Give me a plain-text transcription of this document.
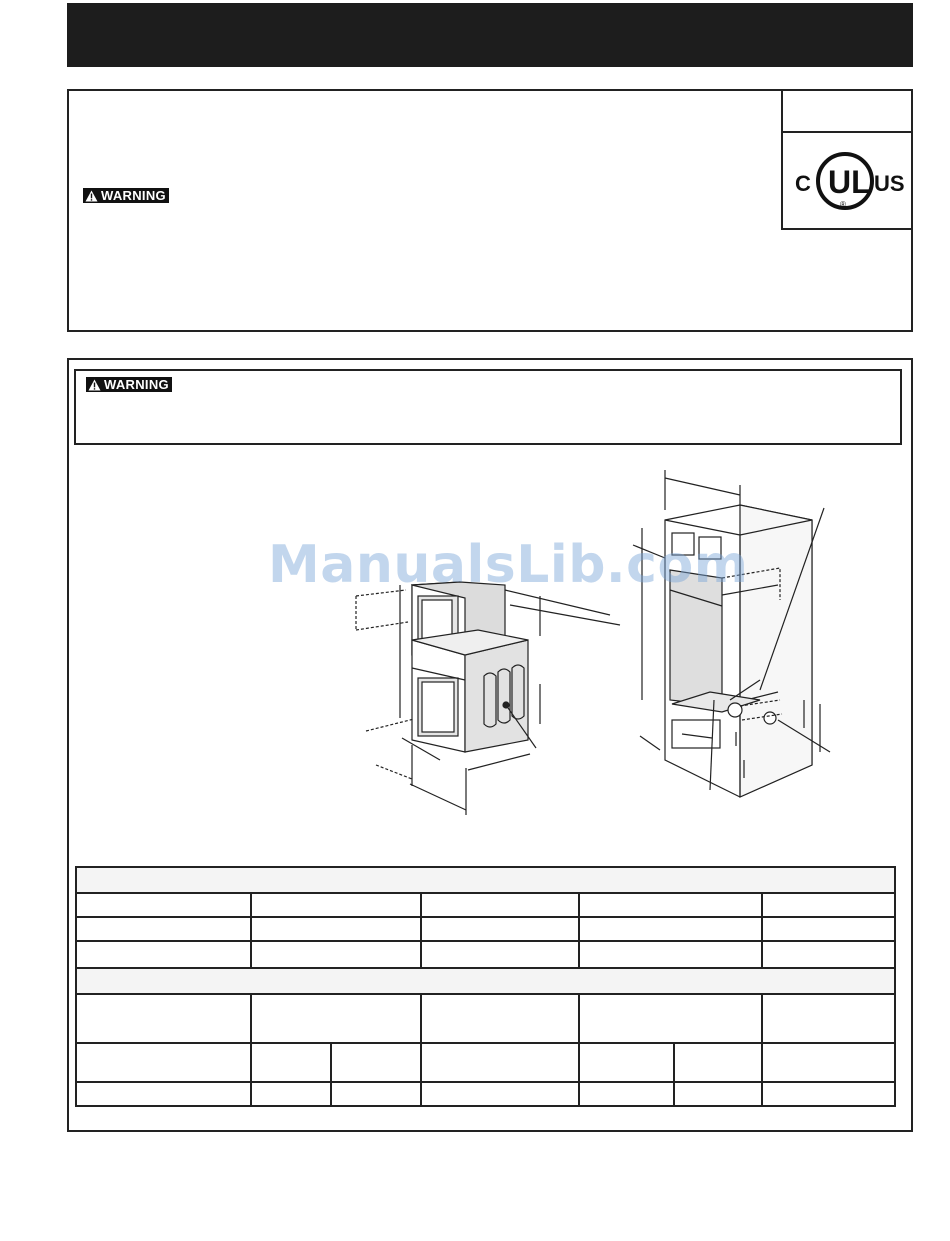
WARNING	C UL
®
US
WARNING
ManualsLib.com
